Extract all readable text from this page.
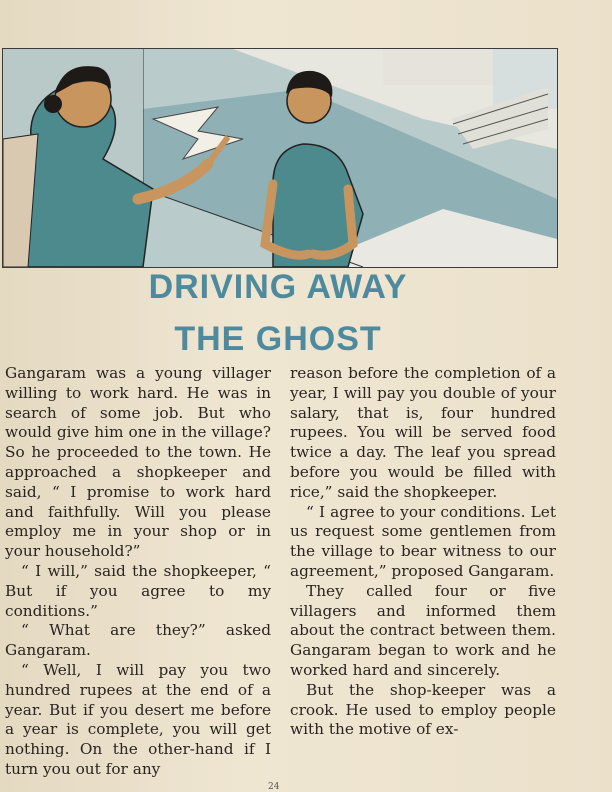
DRIVING AWAY
THE GHOST

Gangaram was a young villager willing to work hard. He was in search of some job. But who would give him one in the village? So he proceeded to the town. He approached a shopkeeper and said, “ I promise to work hard and faithfully. Will you please employ me in your shop or in your household?”

“ I will,” said the shopkeeper, “ But if you agree to my conditions.”

“ What are they?” asked Gangaram.

“ Well, I will pay you two hundred rupees at the end of a year. But if you desert me before a year is complete, you will get nothing. On the other-hand if I turn you out for any

reason before the completion of a year, I will pay you double of your salary, that is, four hundred rupees. You will be served food twice a day. The leaf you spread before you would be filled with rice,” said the shopkeeper.

“ I agree to your conditions. Let us request some gentlemen from the village to bear witness to our agreement,” proposed Gangaram.

They called four or five villagers and informed them about the contract between them. Gangaram began to work and he worked hard and sincerely.

But the shop-keeper was a crook. He used to employ people with the motive of ex-

24
